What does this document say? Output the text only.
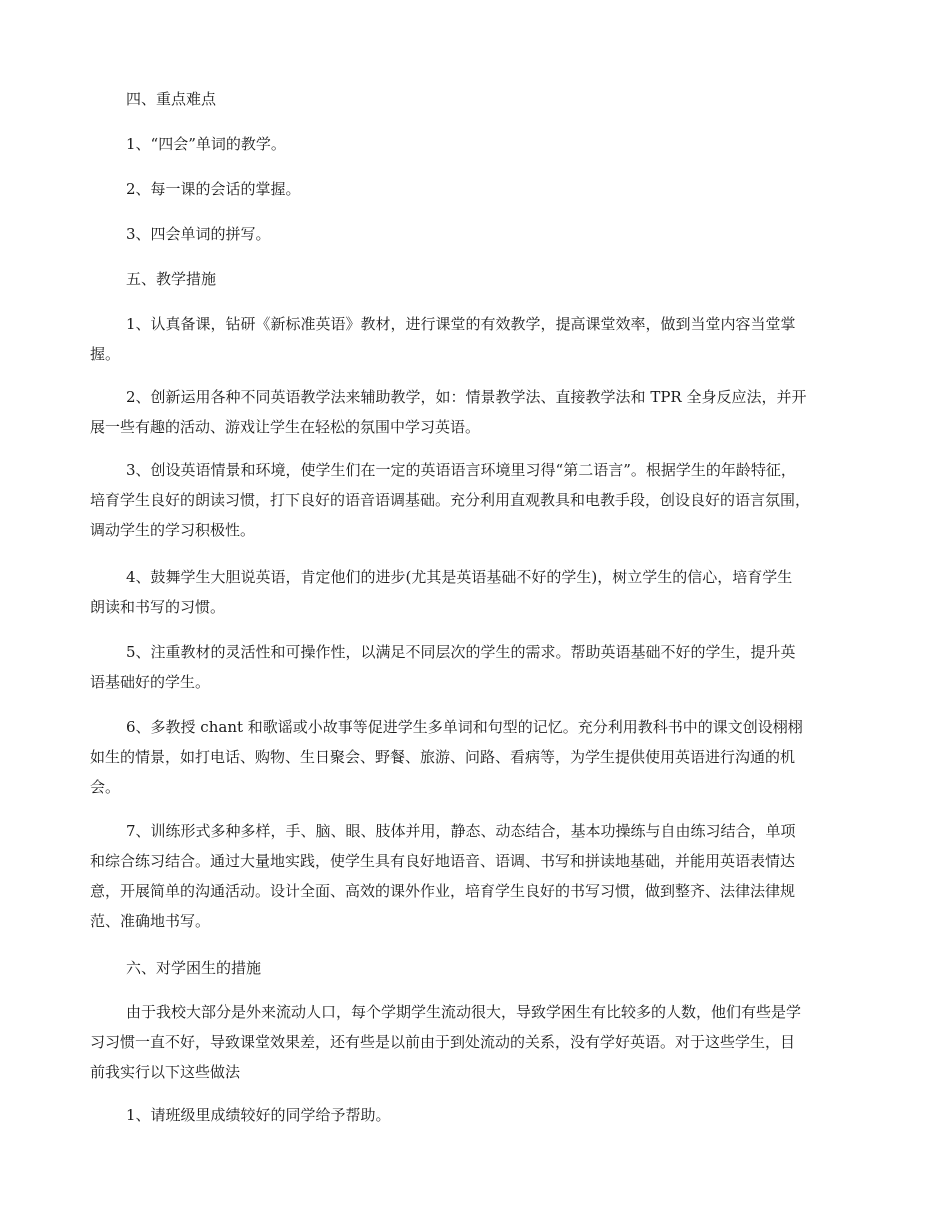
四、重点难点

1、“四会”单词的教学。

2、每一课的会话的掌握。

3、四会单词的拼写。

五、教学措施

1、认真备课，钻研《新标准英语》教材，进行课堂的有效教学，提高课堂效率，做到当堂内容当堂掌
握。
2、创新运用各种不同英语教学法来辅助教学，如：情景教学法、直接教学法和 TPR 全身反应法，并开
展一些有趣的活动、游戏让学生在轻松的氛围中学习英语。
3、创设英语情景和环境，使学生们在一定的英语语言环境里习得“第二语言”。根据学生的年龄特征，
培育学生良好的朗读习惯，打下良好的语音语调基础。充分利用直观教具和电教手段，创设良好的语言氛围，
调动学生的学习积极性。
4、鼓舞学生大胆说英语，肯定他们的进步(尤其是英语基础不好的学生)，树立学生的信心，培育学生
朗读和书写的习惯。
5、注重教材的灵活性和可操作性，以满足不同层次的学生的需求。帮助英语基础不好的学生，提升英
语基础好的学生。
6、多教授 chant 和歌谣或小故事等促进学生多单词和句型的记忆。充分利用教科书中的课文创设栩栩
如生的情景，如打电话、购物、生日聚会、野餐、旅游、问路、看病等，为学生提供使用英语进行沟通的机
会。
7、训练形式多种多样，手、脑、眼、肢体并用，静态、动态结合，基本功操练与自由练习结合，单项
和综合练习结合。通过大量地实践，使学生具有良好地语音、语调、书写和拼读地基础，并能用英语表情达
意，开展简单的沟通活动。设计全面、高效的课外作业，培育学生良好的书写习惯，做到整齐、法律法律规
范、准确地书写。

六、对学困生的措施

由于我校大部分是外来流动人口，每个学期学生流动很大，导致学困生有比较多的人数，他们有些是学
习习惯一直不好，导致课堂效果差，还有些是以前由于到处流动的关系，没有学好英语。对于这些学生，目
前我实行以下这些做法

1、请班级里成绩较好的同学给予帮助。
